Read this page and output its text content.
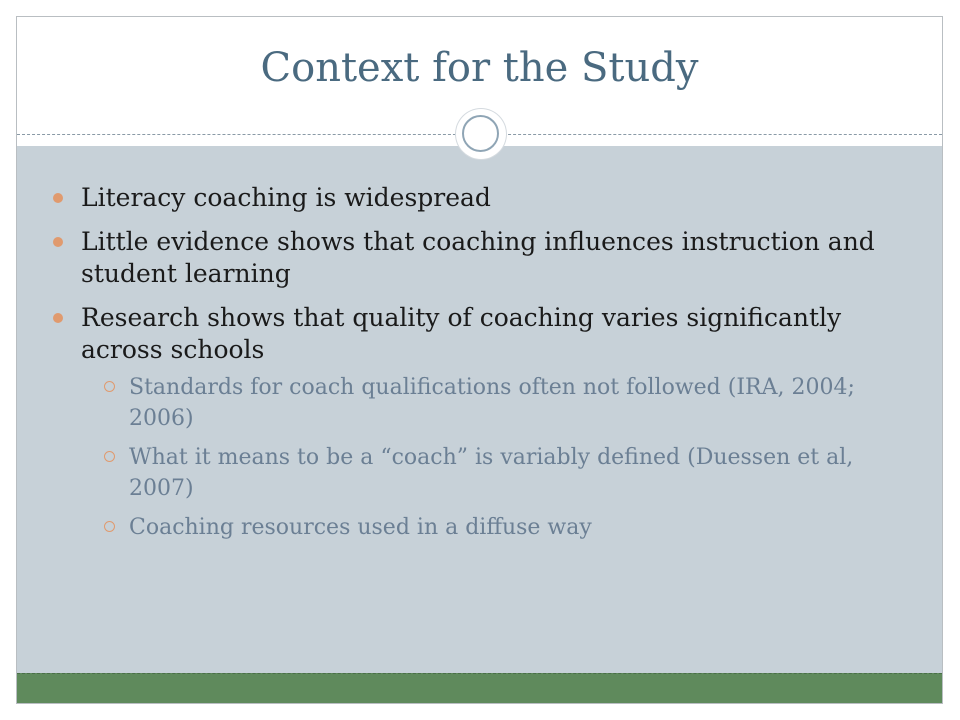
Context for the Study
Literacy coaching is widespread
Little evidence shows that coaching influences instruction and student learning
Research shows that quality of coaching varies significantly across schools
Standards for coach qualifications often not followed (IRA, 2004; 2006)
What it means to be a “coach” is variably defined (Duessen et al, 2007)
Coaching resources used in a diffuse way
